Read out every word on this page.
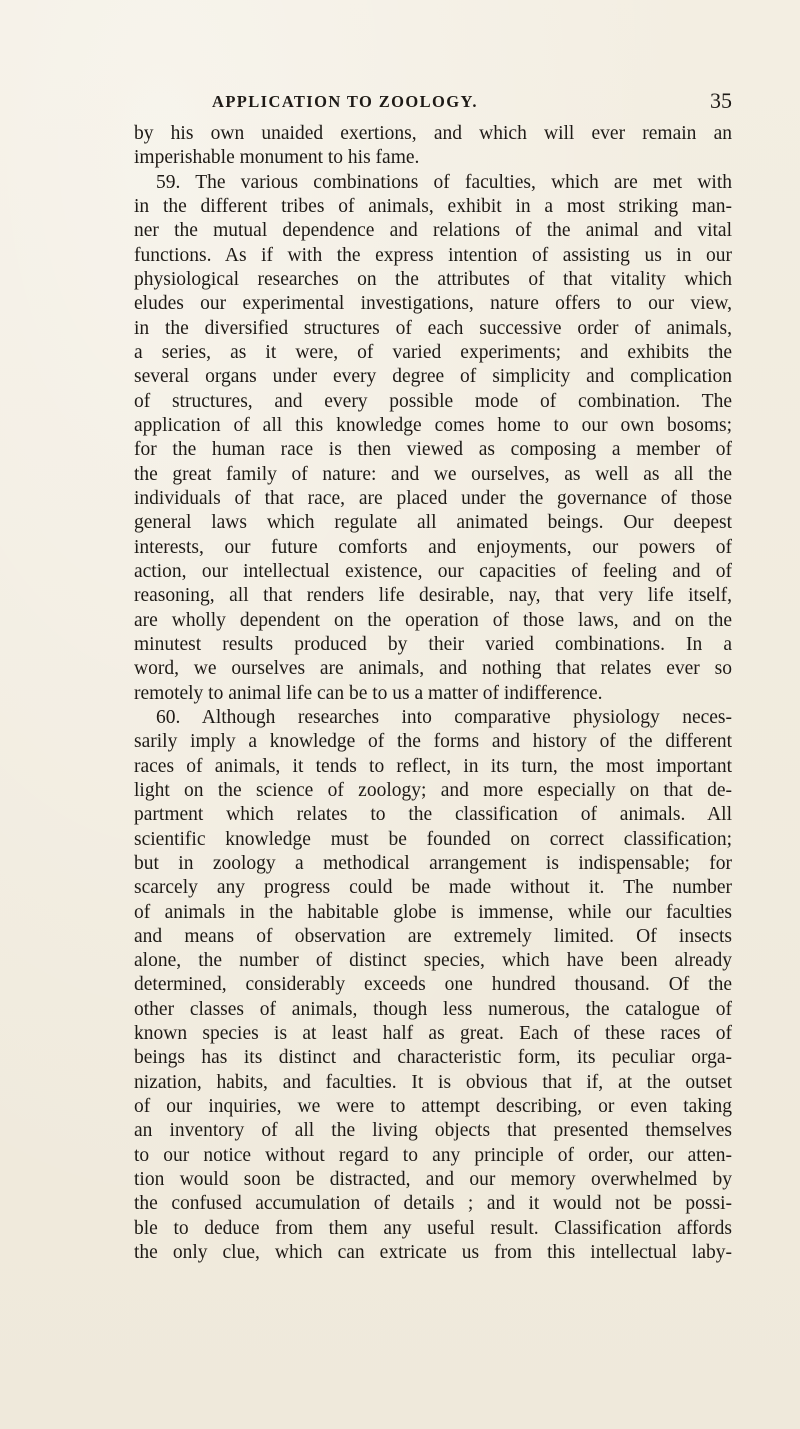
APPLICATION TO ZOOLOGY.	35
by his own unaided exertions, and which will ever remain an
imperishable monument to his fame.
59. The various combinations of faculties, which are met with
in the different tribes of animals, exhibit in a most striking man-
ner the mutual dependence and relations of the animal and vital
functions. As if with the express intention of assisting us in our
physiological researches on the attributes of that vitality which
eludes our experimental investigations, nature offers to our view,
in the diversified structures of each successive order of animals,
a series, as it were, of varied experiments; and exhibits the
several organs under every degree of simplicity and complication
of structures, and every possible mode of combination. The
application of all this knowledge comes home to our own bosoms;
for the human race is then viewed as composing a member of
the great family of nature: and we ourselves, as well as all the
individuals of that race, are placed under the governance of those
general laws which regulate all animated beings. Our deepest
interests, our future comforts and enjoyments, our powers of
action, our intellectual existence, our capacities of feeling and of
reasoning, all that renders life desirable, nay, that very life itself,
are wholly dependent on the operation of those laws, and on the
minutest results produced by their varied combinations. In a
word, we ourselves are animals, and nothing that relates ever so
remotely to animal life can be to us a matter of indifference.
60. Although researches into comparative physiology neces-
sarily imply a knowledge of the forms and history of the different
races of animals, it tends to reflect, in its turn, the most important
light on the science of zoology; and more especially on that de-
partment which relates to the classification of animals. All
scientific knowledge must be founded on correct classification;
but in zoology a methodical arrangement is indispensable; for
scarcely any progress could be made without it. The number
of animals in the habitable globe is immense, while our faculties
and means of observation are extremely limited. Of insects
alone, the number of distinct species, which have been already
determined, considerably exceeds one hundred thousand. Of the
other classes of animals, though less numerous, the catalogue of
known species is at least half as great. Each of these races of
beings has its distinct and characteristic form, its peculiar orga-
nization, habits, and faculties. It is obvious that if, at the outset
of our inquiries, we were to attempt describing, or even taking
an inventory of all the living objects that presented themselves
to our notice without regard to any principle of order, our atten-
tion would soon be distracted, and our memory overwhelmed by
the confused accumulation of details ; and it would not be possi-
ble to deduce from them any useful result. Classification affords
the only clue, which can extricate us from this intellectual laby-
